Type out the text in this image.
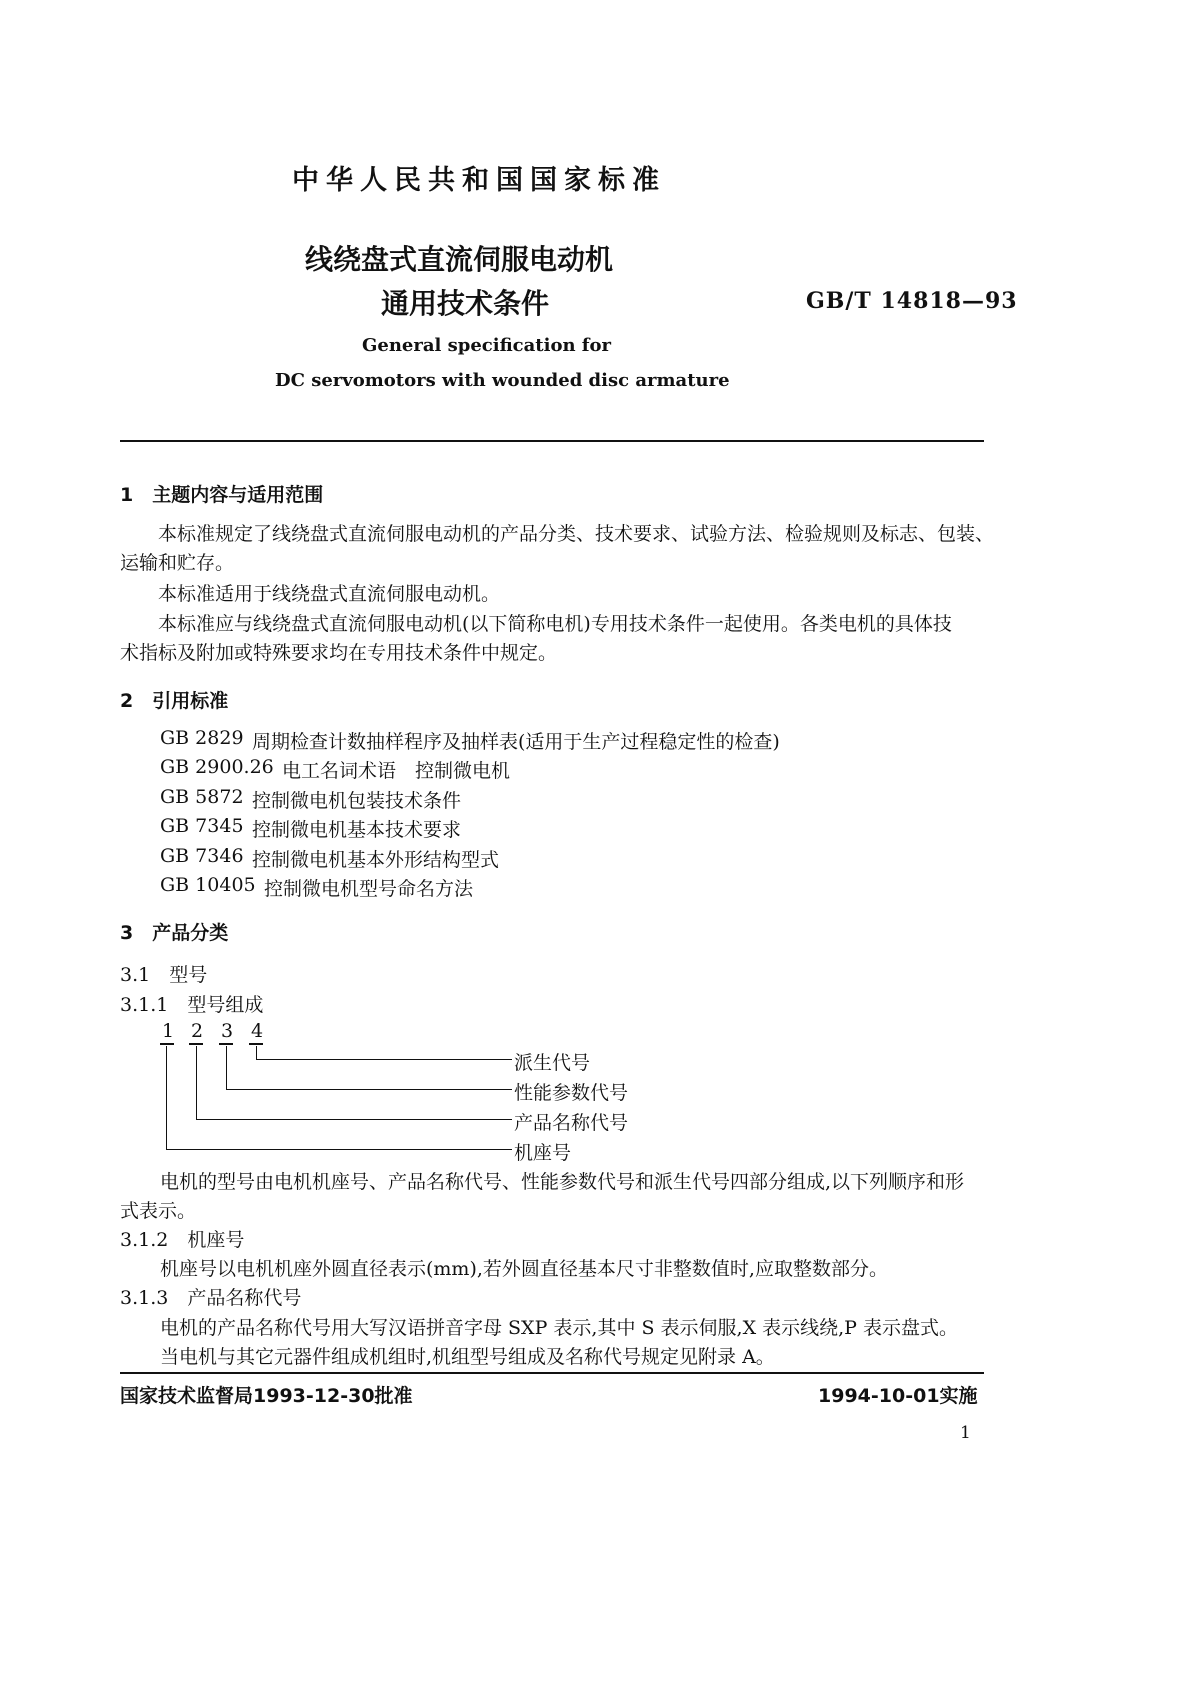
中华人民共和国国家标准
线绕盘式直流伺服电动机
通用技术条件	GB/T 14818—93
General specification for
DC servomotors with wounded disc armature
1　主题内容与适用范围
本标准规定了线绕盘式直流伺服电动机的产品分类、技术要求、试验方法、检验规则及标志、包装、
运输和贮存。
本标准适用于线绕盘式直流伺服电动机。
本标准应与线绕盘式直流伺服电动机(以下简称电机)专用技术条件一起使用。各类电机的具体技
术指标及附加或特殊要求均在专用技术条件中规定。
2　引用标准
GB 2829 周期检查计数抽样程序及抽样表(适用于生产过程稳定性的检查)
GB 2900.26 电工名词术语　控制微电机
GB 5872 控制微电机包装技术条件
GB 7345 控制微电机基本技术要求
GB 7346 控制微电机基本外形结构型式
GB 10405 控制微电机型号命名方法
3　产品分类
3.1　型号
3.1.1　型号组成
1 2 3 4
派生代号
性能参数代号
产品名称代号
机座号
电机的型号由电机机座号、产品名称代号、性能参数代号和派生代号四部分组成,以下列顺序和形
式表示。
3.1.2　机座号
机座号以电机机座外圆直径表示(mm),若外圆直径基本尺寸非整数值时,应取整数部分。
3.1.3　产品名称代号
电机的产品名称代号用大写汉语拼音字母 SXP 表示,其中 S 表示伺服,X 表示线绕,P 表示盘式。
当电机与其它元器件组成机组时,机组型号组成及名称代号规定见附录 A。
国家技术监督局1993-12-30批准	1994-10-01实施
1
